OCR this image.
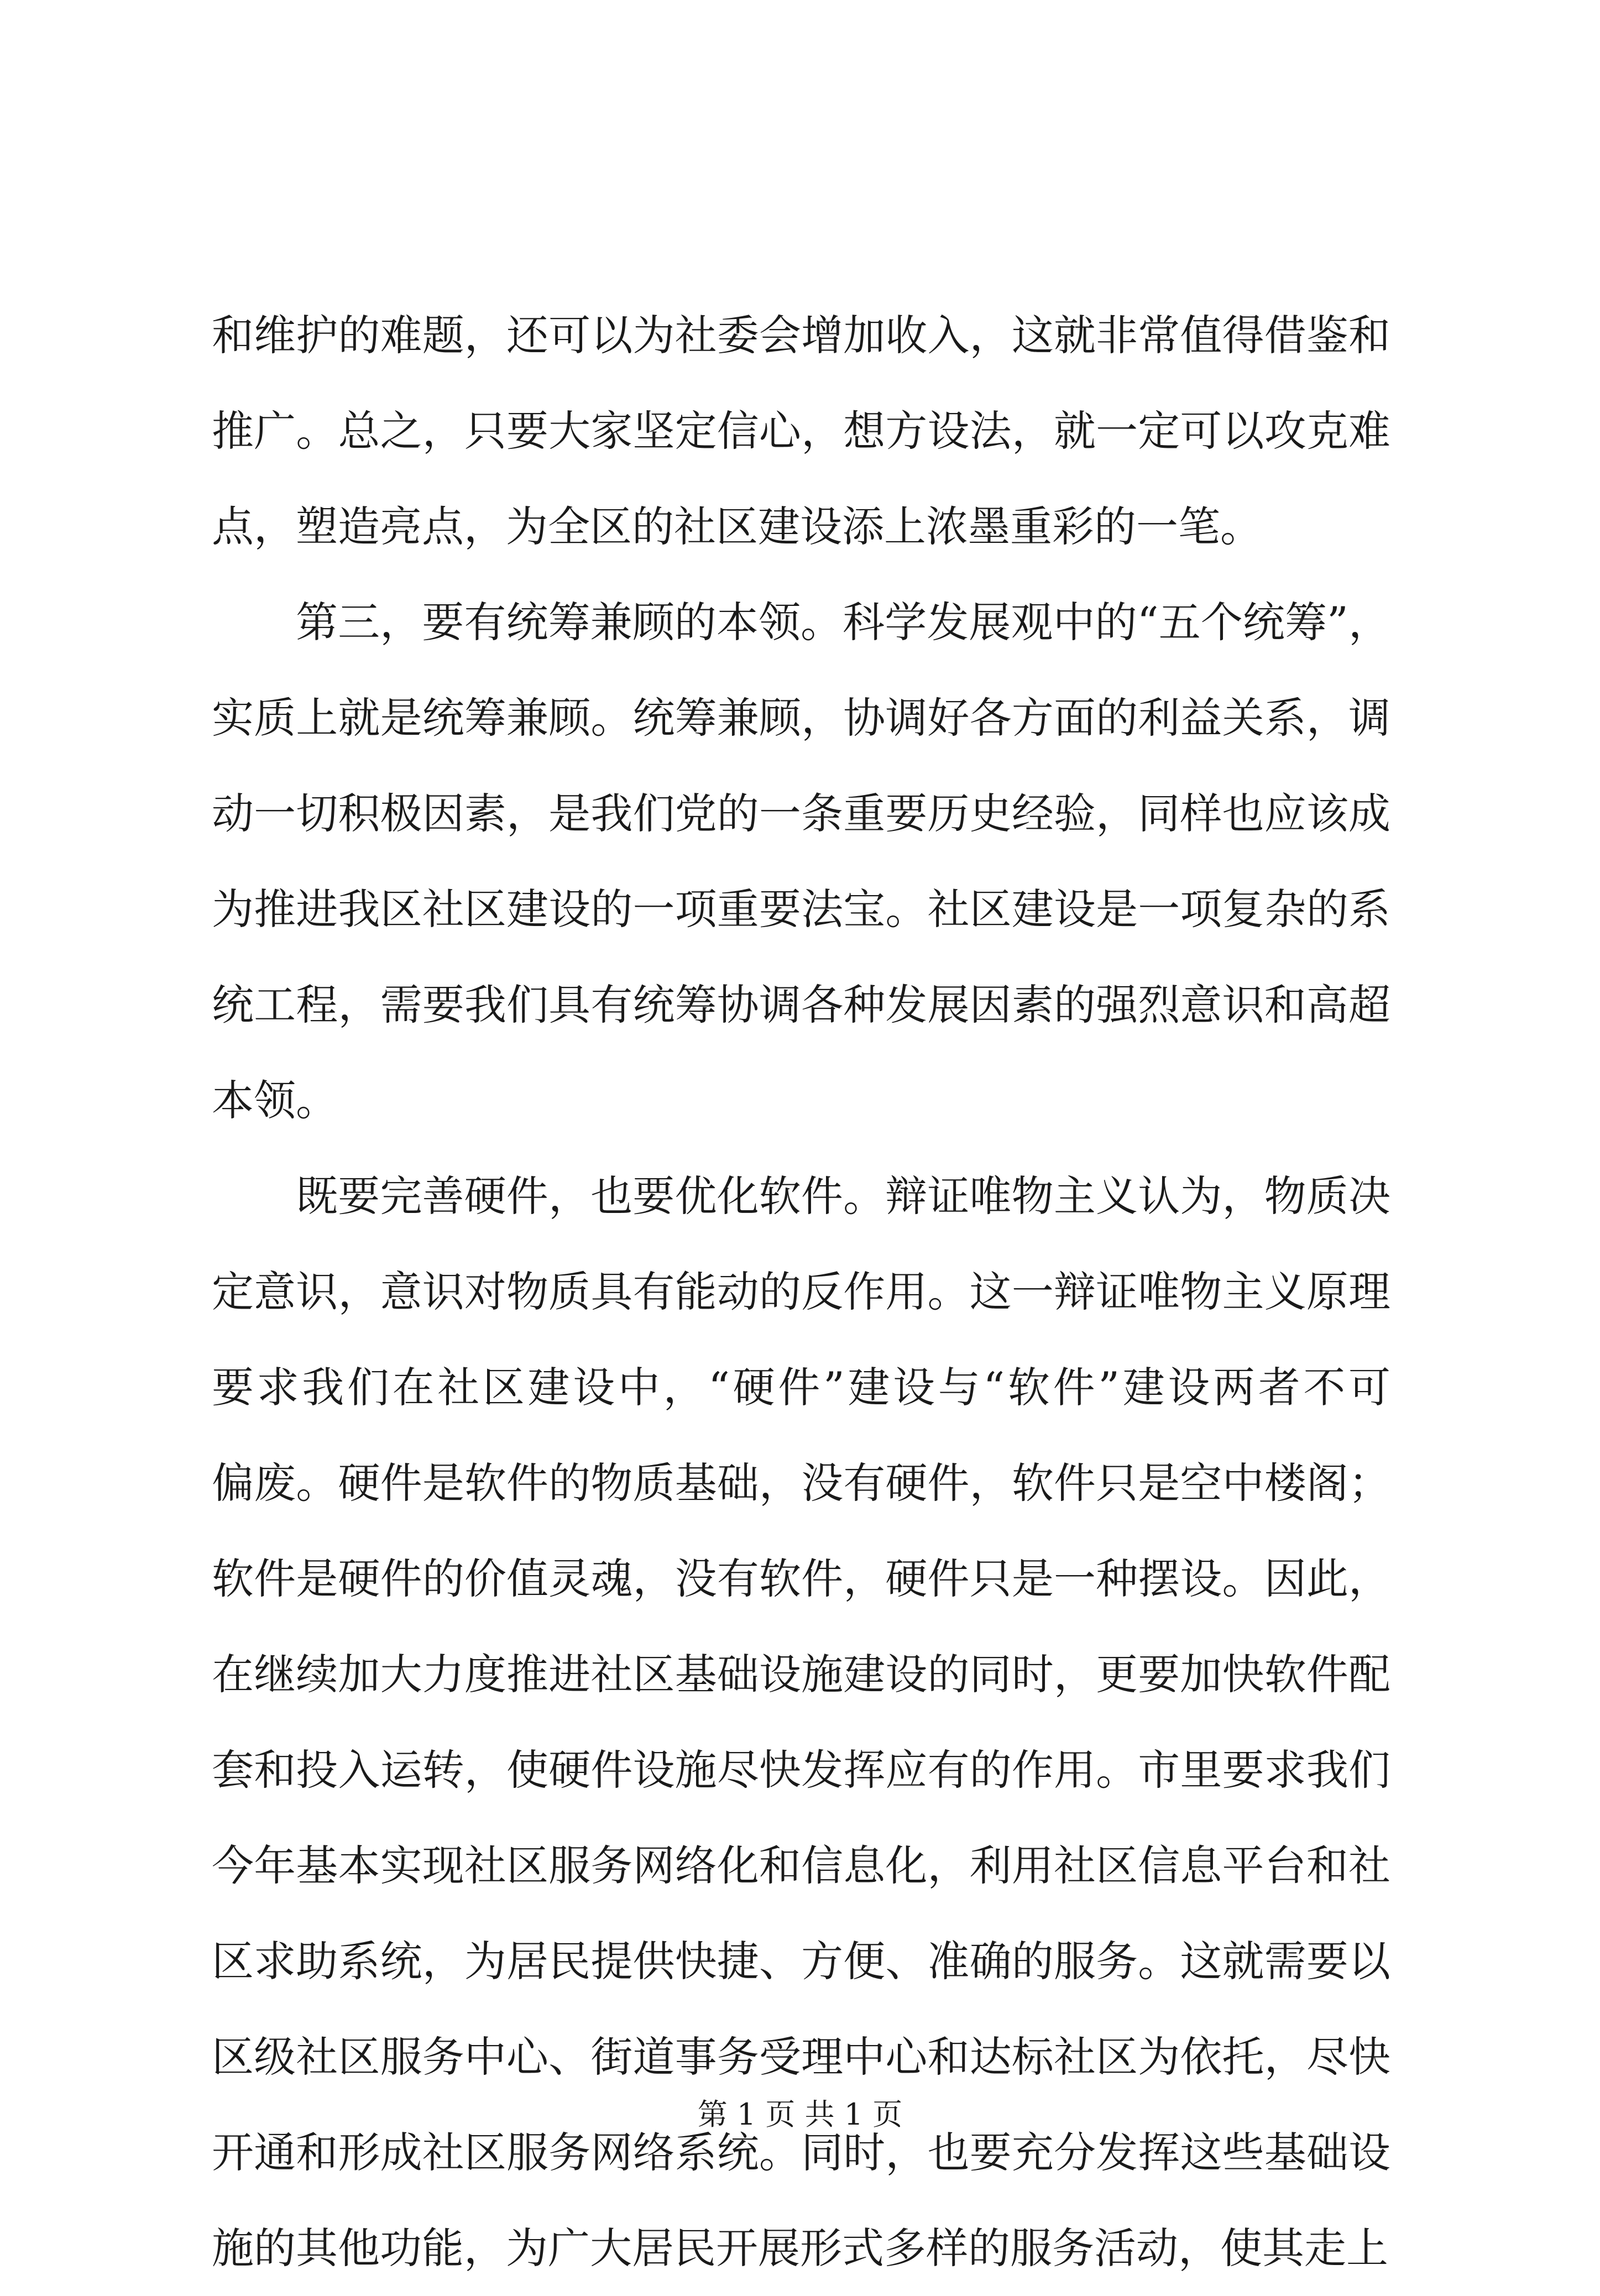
和维护的难题，还可以为社委会增加收入，这就非常值得借鉴和
推广。总之，只要大家坚定信心，想方设法，就一定可以攻克难
点，塑造亮点，为全区的社区建设添上浓墨重彩的一笔。
第三，要有统筹兼顾的本领。科学发展观中的“五个统筹”，
实质上就是统筹兼顾。统筹兼顾，协调好各方面的利益关系，调
动一切积极因素，是我们党的一条重要历史经验，同样也应该成
为推进我区社区建设的一项重要法宝。社区建设是一项复杂的系
统工程，需要我们具有统筹协调各种发展因素的强烈意识和高超
本领。
既要完善硬件，也要优化软件。辩证唯物主义认为，物质决
定意识，意识对物质具有能动的反作用。这一辩证唯物主义原理
要求我们在社区建设中，“硬件”建设与“软件”建设两者不可
偏废。硬件是软件的物质基础，没有硬件，软件只是空中楼阁；
软件是硬件的价值灵魂，没有软件，硬件只是一种摆设。因此，
在继续加大力度推进社区基础设施建设的同时，更要加快软件配
套和投入运转，使硬件设施尽快发挥应有的作用。市里要求我们
今年基本实现社区服务网络化和信息化，利用社区信息平台和社
区求助系统，为居民提供快捷、方便、准确的服务。这就需要以
区级社区服务中心、街道事务受理中心和达标社区为依托，尽快
开通和形成社区服务网络系统。同时，也要充分发挥这些基础设
施的其他功能，为广大居民开展形式多样的服务活动，使其走上
第 1 页 共 1 页
